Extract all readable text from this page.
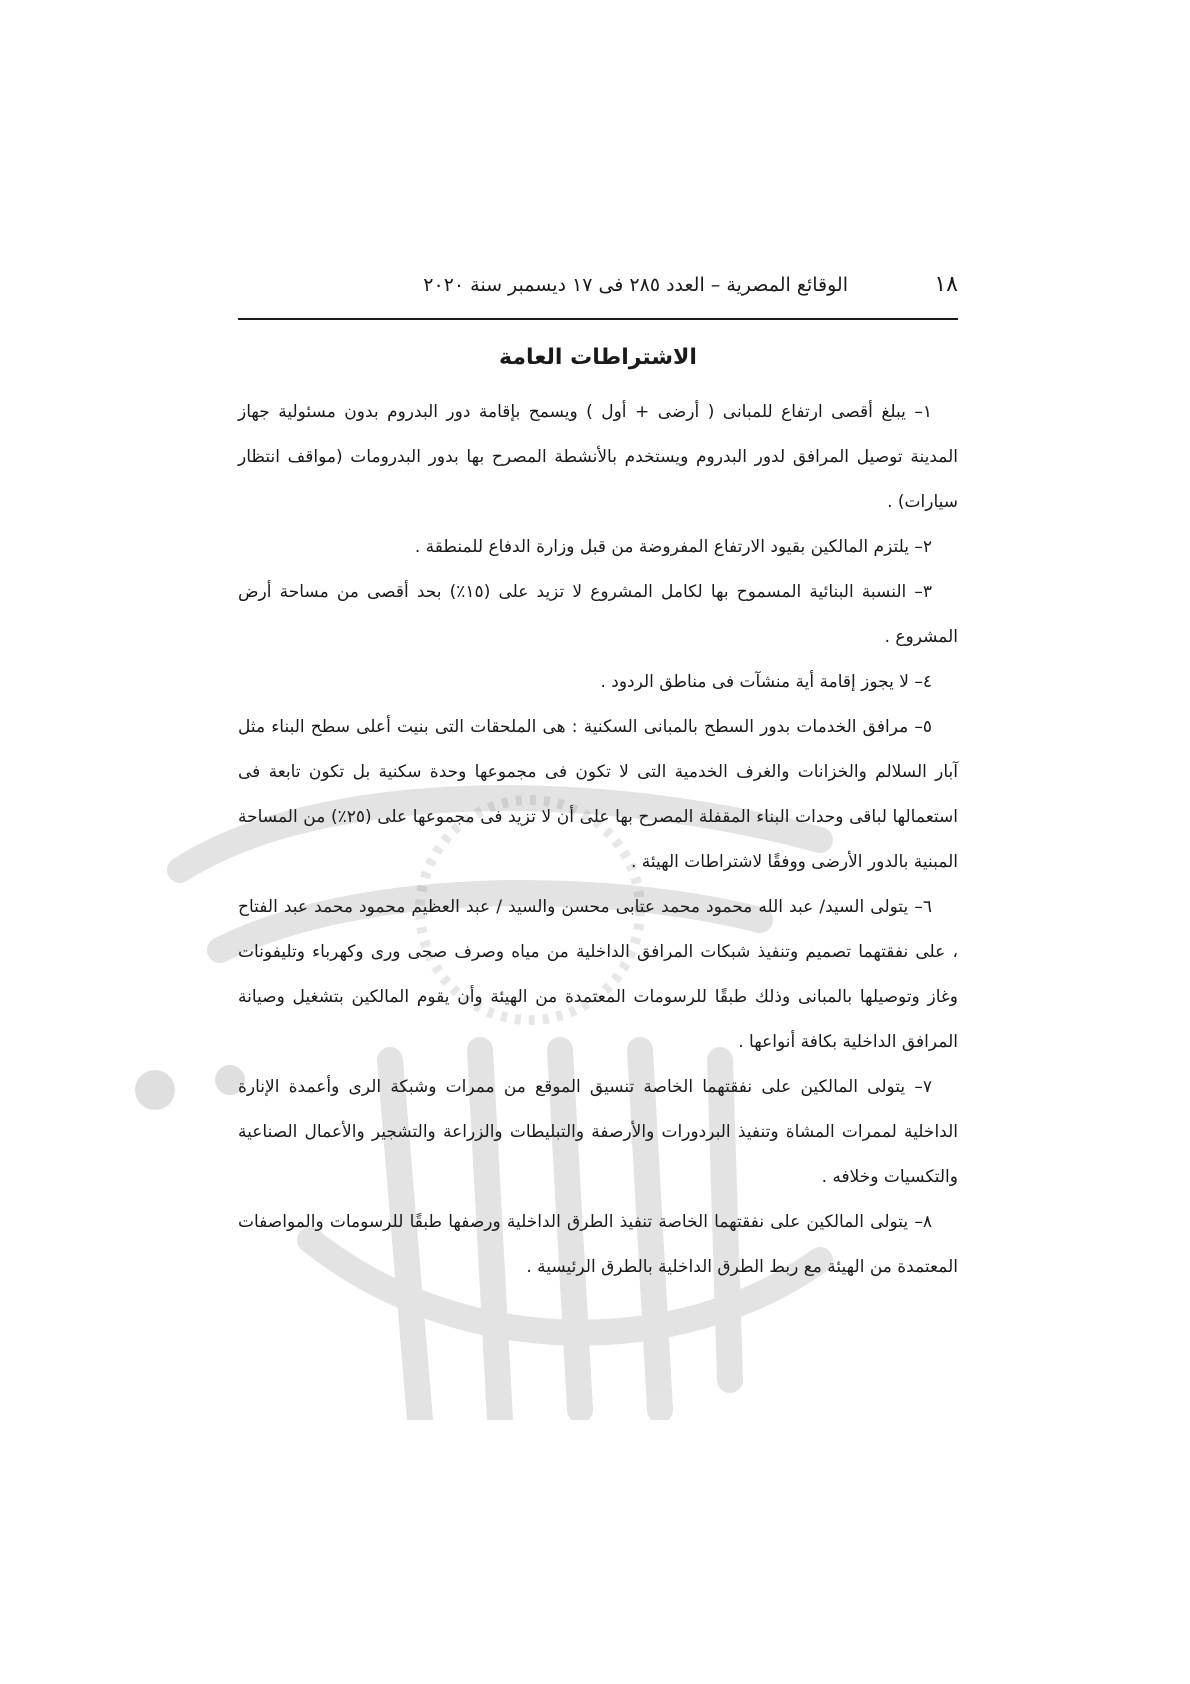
١٨
الوقائع المصرية – العدد ٢٨٥ فى ١٧ ديسمبر سنة ٢٠٢٠
الاشتراطات العامة

١– يبلغ أقصى ارتفاع للمبانى ( أرضى + أول ) ويسمح بإقامة دور البدروم بدون مسئولية جهاز المدينة توصيل المرافق لدور البدروم ويستخدم بالأنشطة المصرح بها بدور البدرومات (مواقف انتظار سيارات) .

٢– يلتزم المالكين بقيود الارتفاع المفروضة من قبل وزارة الدفاع للمنطقة .

٣– النسبة البنائية المسموح بها لكامل المشروع لا تزيد على (١٥٪) بحد أقصى من مساحة أرض المشروع .

٤– لا يجوز إقامة أية منشآت فى مناطق الردود .

٥– مرافق الخدمات بدور السطح بالمبانى السكنية : هى الملحقات التى بنيت أعلى سطح البناء مثل آبار السلالم والخزانات والغرف الخدمية التى لا تكون فى مجموعها وحدة سكنية بل تكون تابعة فى استعمالها لباقى وحدات البناء المقفلة المصرح بها على أن لا تزيد فى مجموعها على (٢٥٪) من المساحة المبنية بالدور الأرضى ووفقًا لاشتراطات الهيئة .

٦– يتولى السيد/ عبد الله محمود محمد عتابى محسن والسيد / عبد العظيم محمود محمد عبد الفتاح ، على نفقتهما تصميم وتنفيذ شبكات المرافق الداخلية من مياه وصرف صحى ورى وكهرباء وتليفونات وغاز وتوصيلها بالمبانى وذلك طبقًا للرسومات المعتمدة من الهيئة وأن يقوم المالكين بتشغيل وصيانة المرافق الداخلية بكافة أنواعها .

٧– يتولى المالكين على نفقتهما الخاصة تنسيق الموقع من ممرات وشبكة الرى وأعمدة الإنارة الداخلية لممرات المشاة وتنفيذ البردورات والأرصفة والتبليطات والزراعة والتشجير والأعمال الصناعية والتكسيات وخلافه .

٨– يتولى المالكين على نفقتهما الخاصة تنفيذ الطرق الداخلية ورصفها طبقًا للرسومات والمواصفات المعتمدة من الهيئة مع ربط الطرق الداخلية بالطرق الرئيسية .
